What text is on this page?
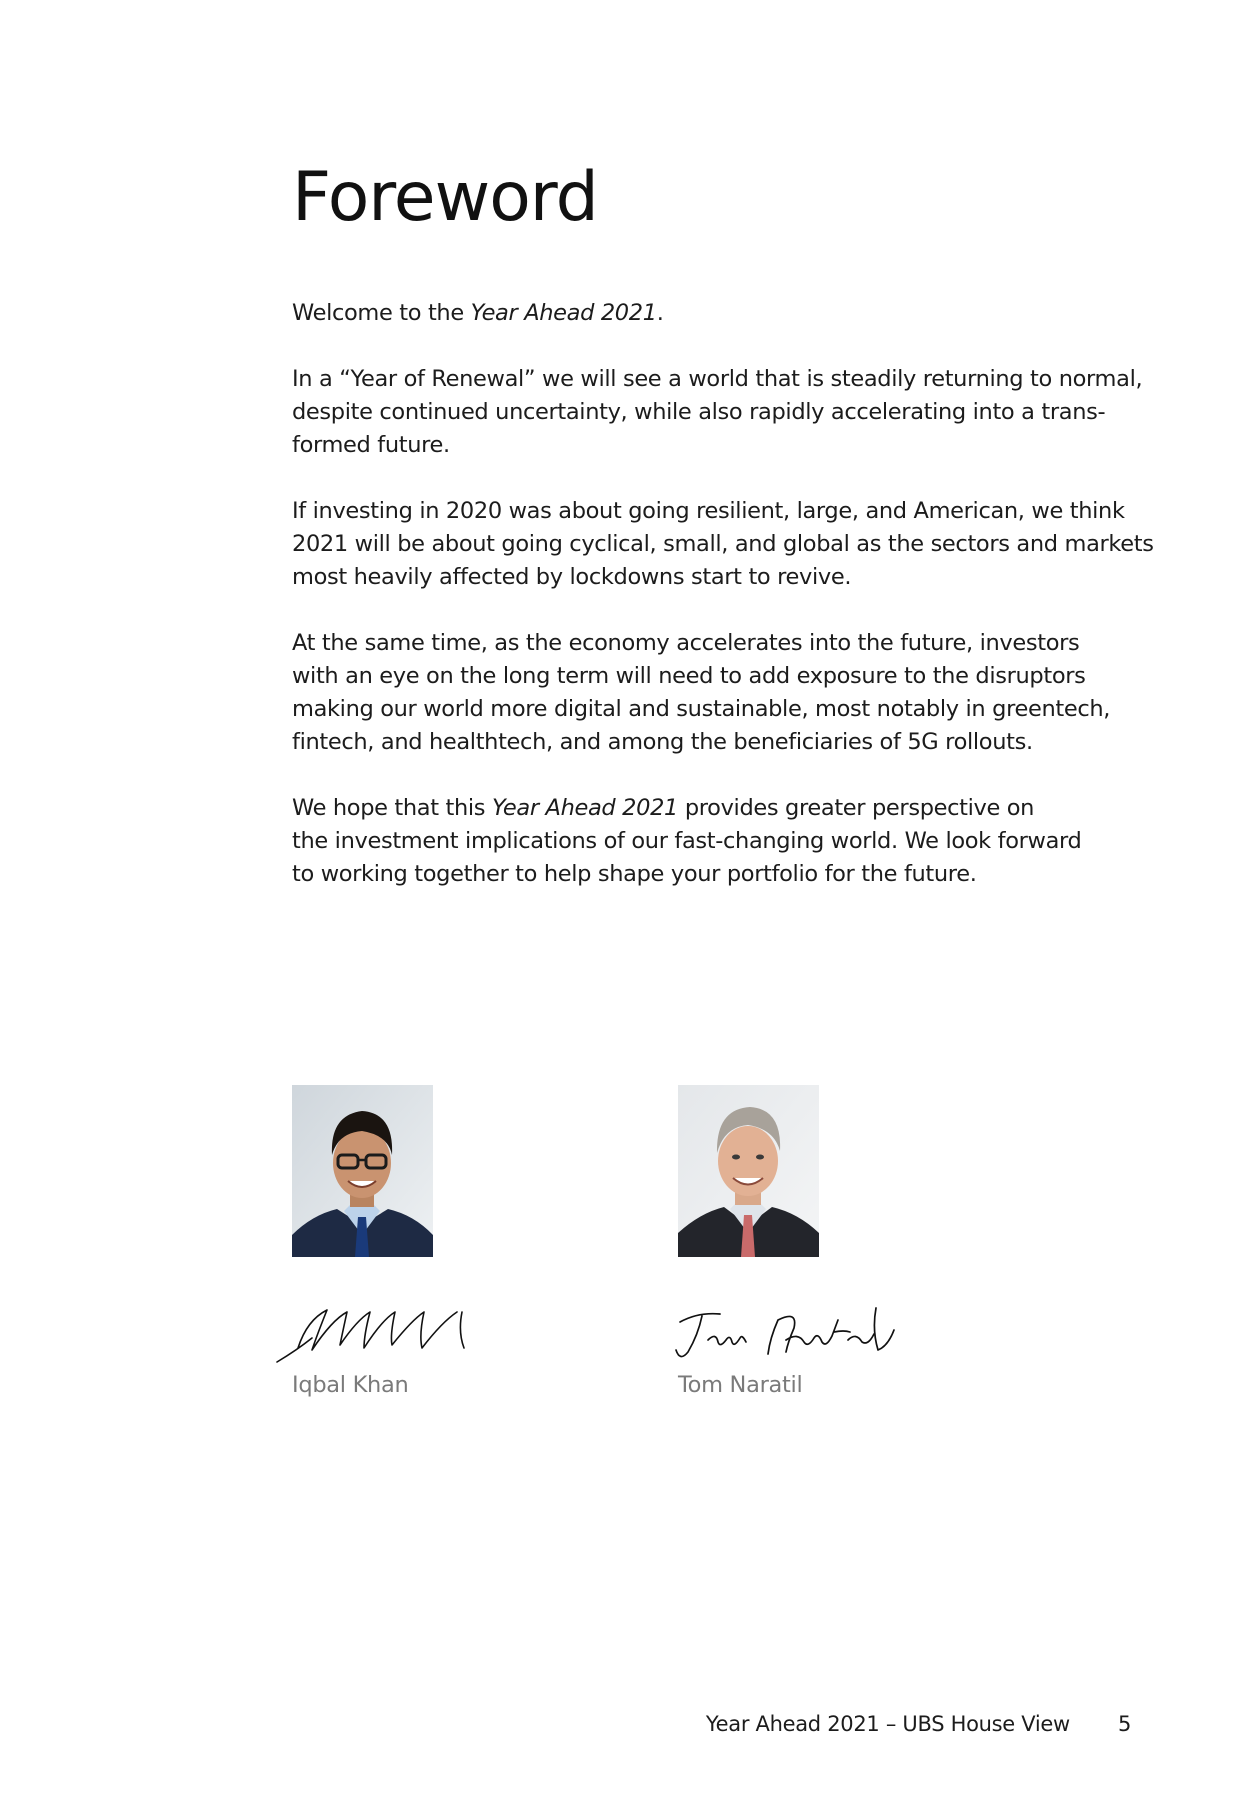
Foreword

Welcome to the Year Ahead 2021.

In a “Year of Renewal” we will see a world that is steadily returning to normal,
despite continued uncertainty, while also rapidly accelerating into a trans-
formed future.

If investing in 2020 was about going resilient, large, and American, we think
2021 will be about going cyclical, small, and global as the sectors and markets
most heavily affected by lockdowns start to revive.

At the same time, as the economy accelerates into the future, investors
with an eye on the long term will need to add exposure to the disruptors
making our world more digital and sustainable, most notably in greentech,
fintech, and healthtech, and among the beneficiaries of 5G rollouts.

We hope that this Year Ahead 2021 provides greater perspective on
the investment implications of our fast-changing world. We look forward
to working together to help shape your portfolio for the future.

Iqbal Khan	Tom Naratil
Year Ahead 2021 – UBS House View 5
